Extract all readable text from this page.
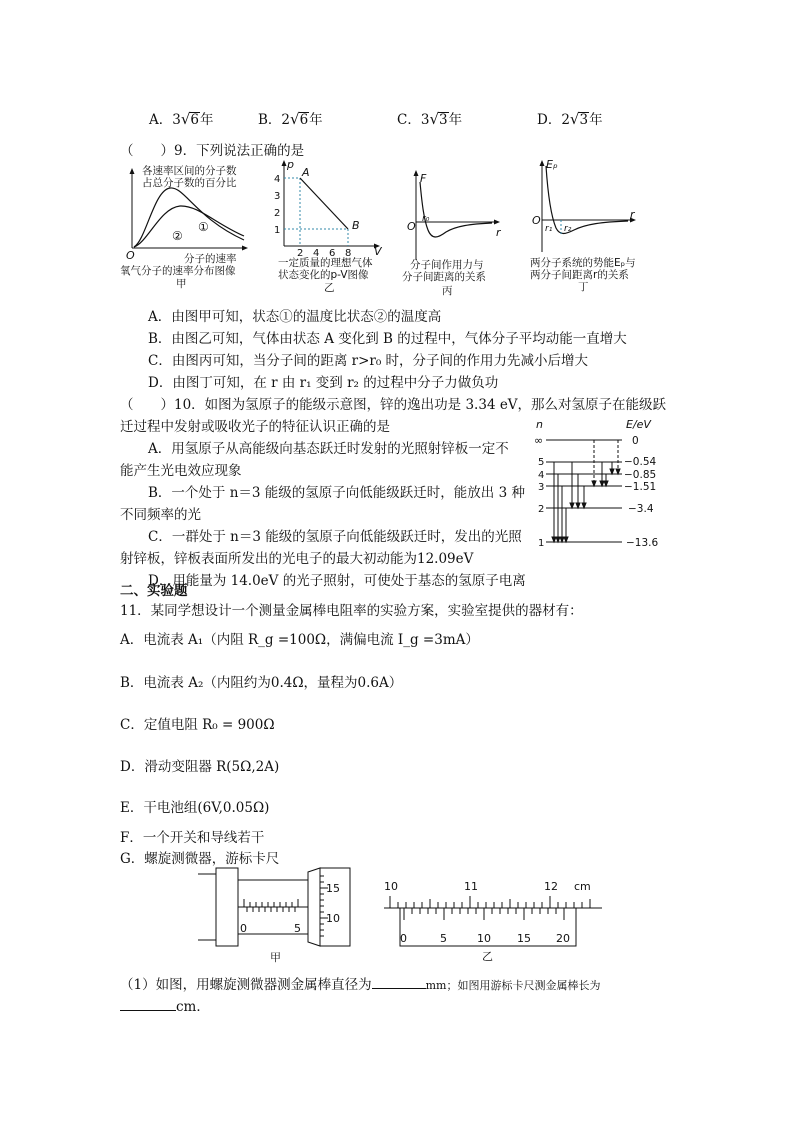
A．3√6年	B．2√6年	C．3√3年	D．2√3年
（　　）9．下列说法正确的是
各速率区间的分子数
占总分子数的百分比
①
②
O	分子的速率
氧气分子的速率分布图像
甲
p
V
A
B
4
3
2
1
2 4 6 8
一定质量的理想气体
状态变化的p-V图像
乙
F
r
O
r₀
分子间作用力与
分子间距离的关系
丙
Eₚ
r
O
r₁ r₂
两分子系统的势能Eₚ与
两分子间距离r的关系
丁
A．由图甲可知，状态①的温度比状态②的温度高
B．由图乙可知，气体由状态 A 变化到 B 的过程中，气体分子平均动能一直增大
C．由图丙可知，当分子间的距离 r>r₀ 时，分子间的作用力先减小后增大
D．由图丁可知，在 r 由 r₁ 变到 r₂ 的过程中分子力做负功
（　　）10．如图为氢原子的能级示意图，锌的逸出功是 3.34 eV，那么对氢原子在能级跃
迁过程中发射或吸收光子的特征认识正确的是
A．用氢原子从高能级向基态跃迁时发射的光照射锌板一定不
能产生光电效应现象
B．一个处于 n＝3 能级的氢原子向低能级跃迁时，能放出 3 种
不同频率的光
C．一群处于 n＝3 能级的氢原子向低能级跃迁时，发出的光照
射锌板，锌板表面所发出的光电子的最大初动能为12.09eV
D．用能量为 14.0eV 的光子照射，可使处于基态的氢原子电离
n	E/eV
∞
5
4
3
2
1
0
−0.54
−0.85
−1.51
−3.4
−13.6
二、实验题
11．某同学想设计一个测量金属棒电阻率的实验方案，实验室提供的器材有：
A．电流表 A₁（内阻 R_g =100Ω，满偏电流 I_g =3mA）
B．电流表 A₂（内阻约为0.4Ω，量程为0.6A）
C．定值电阻 R₀ = 900Ω
D．滑动变阻器 R(5Ω,2A)
E．干电池组(6V,0.05Ω)
F．一个开关和导线若干
G．螺旋测微器，游标卡尺
0	5
15
10
甲
10	11	12 cm
0	5	10 15 20
乙
（1）如图，用螺旋测微器测金属棒直径为	mm；如图用游标卡尺测金属棒长为
cm．
